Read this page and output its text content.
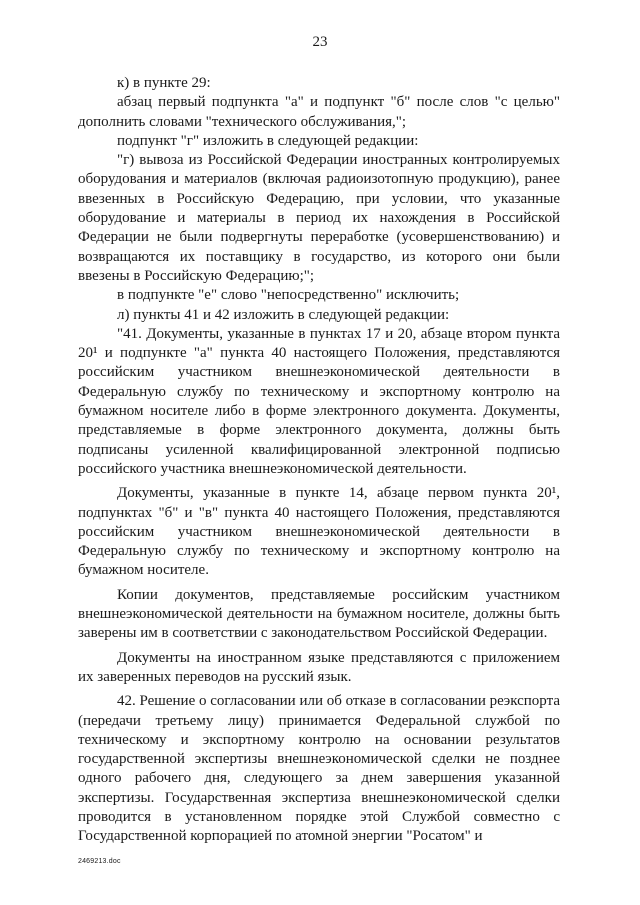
23

к) в пункте 29:

абзац первый подпункта "а" и подпункт "б" после слов "с целью" дополнить словами "технического обслуживания,";

подпункт "г" изложить в следующей редакции:

"г) вывоза из Российской Федерации иностранных контролируемых оборудования и материалов (включая радиоизотопную продукцию), ранее ввезенных в Российскую Федерацию, при условии, что указанные оборудование и материалы в период их нахождения в Российской Федерации не были подвергнуты переработке (усовершенствованию) и возвращаются их поставщику в государство, из которого они были ввезены в Российскую Федерацию;";

в подпункте "е" слово "непосредственно" исключить;

л) пункты 41 и 42 изложить в следующей редакции:

"41. Документы, указанные в пунктах 17 и 20, абзаце втором пункта 20¹ и подпункте "а" пункта 40 настоящего Положения, представляются российским участником внешнеэкономической деятельности в Федеральную службу по техническому и экспортному контролю на бумажном носителе либо в форме электронного документа. Документы, представляемые в форме электронного документа, должны быть подписаны усиленной квалифицированной электронной подписью российского участника внешнеэкономической деятельности.

Документы, указанные в пункте 14, абзаце первом пункта 20¹, подпунктах "б" и "в" пункта 40 настоящего Положения, представляются российским участником внешнеэкономической деятельности в Федеральную службу по техническому и экспортному контролю на бумажном носителе.

Копии документов, представляемые российским участником внешнеэкономической деятельности на бумажном носителе, должны быть заверены им в соответствии с законодательством Российской Федерации.

Документы на иностранном языке представляются с приложением их заверенных переводов на русский язык.

42. Решение о согласовании или об отказе в согласовании реэкспорта (передачи третьему лицу) принимается Федеральной службой по техническому и экспортному контролю на основании результатов государственной экспертизы внешнеэкономической сделки не позднее одного рабочего дня, следующего за днем завершения указанной экспертизы. Государственная экспертиза внешнеэкономической сделки проводится в установленном порядке этой Службой совместно с Государственной корпорацией по атомной энергии "Росатом" и

2469213.doc
